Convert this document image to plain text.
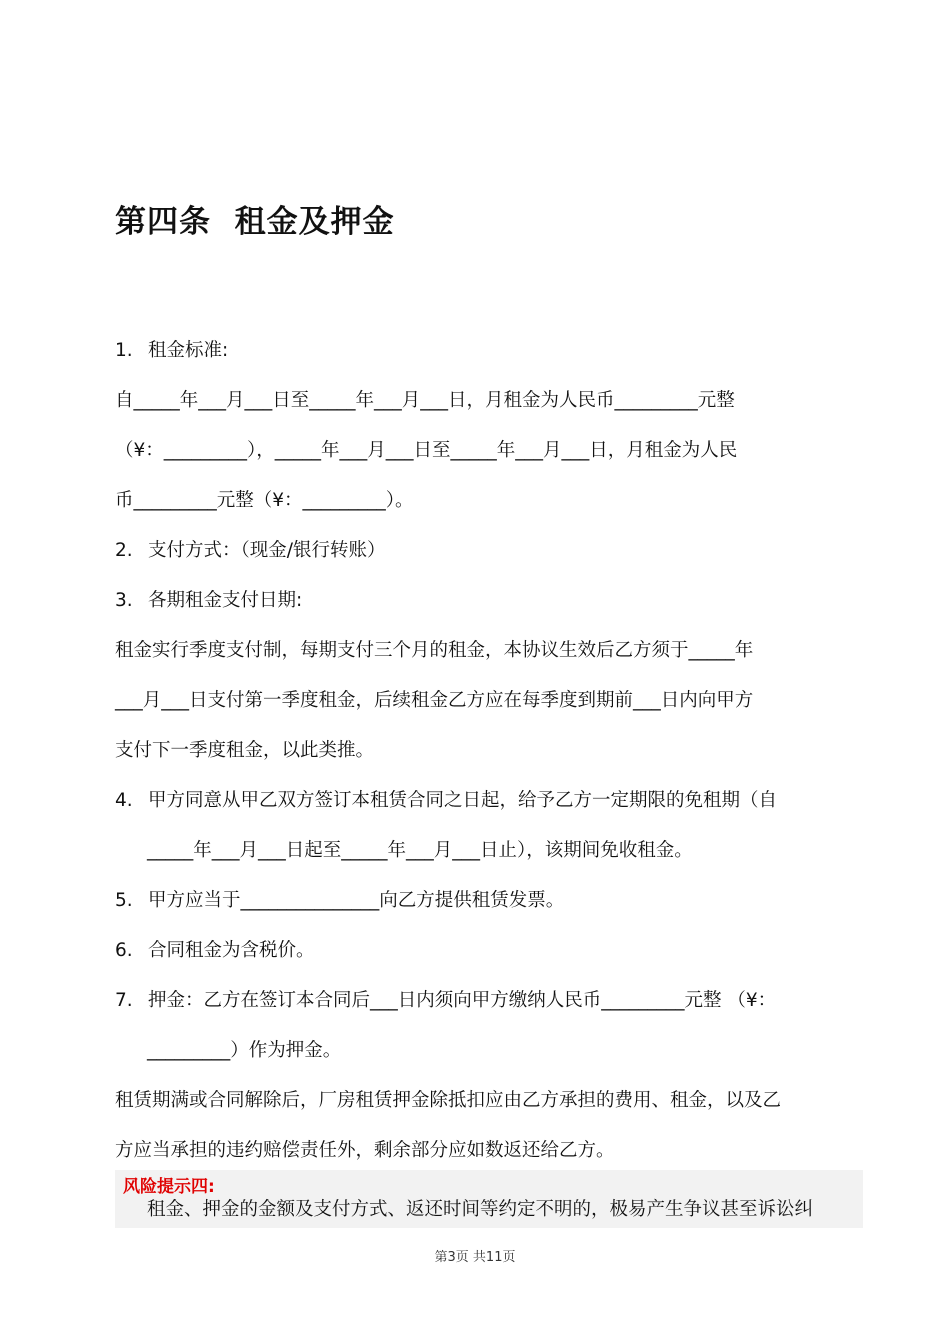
第四条  租金及押金
1. 租金标准:
自_____年___月___日至_____年___月___日，月租金为人民币_________元整
（¥：_________），_____年___月___日至_____年___月___日，月租金为人民
币_________元整（¥：_________）。
2. 支付方式：（现金/银行转账）
3. 各期租金支付日期:
租金实行季度支付制，每期支付三个月的租金，本协议生效后乙方须于_____年
___月___日支付第一季度租金，后续租金乙方应在每季度到期前___日内向甲方
支付下一季度租金，以此类推。
4. 甲方同意从甲乙双方签订本租赁合同之日起，给予乙方一定期限的免租期（自
_____年___月___日起至_____年___月___日止），该期间免收租金。
5. 甲方应当于_______________向乙方提供租赁发票。
6. 合同租金为含税价。
7. 押金：乙方在签订本合同后___日内须向甲方缴纳人民币_________元整 （¥：
_________）作为押金。
租赁期满或合同解除后，厂房租赁押金除抵扣应由乙方承担的费用、租金，以及乙
方应当承担的违约赔偿责任外，剩余部分应如数返还给乙方。
风险提示四:
租金、押金的金额及支付方式、返还时间等约定不明的，极易产生争议甚至诉讼纠
第3页 共11页
